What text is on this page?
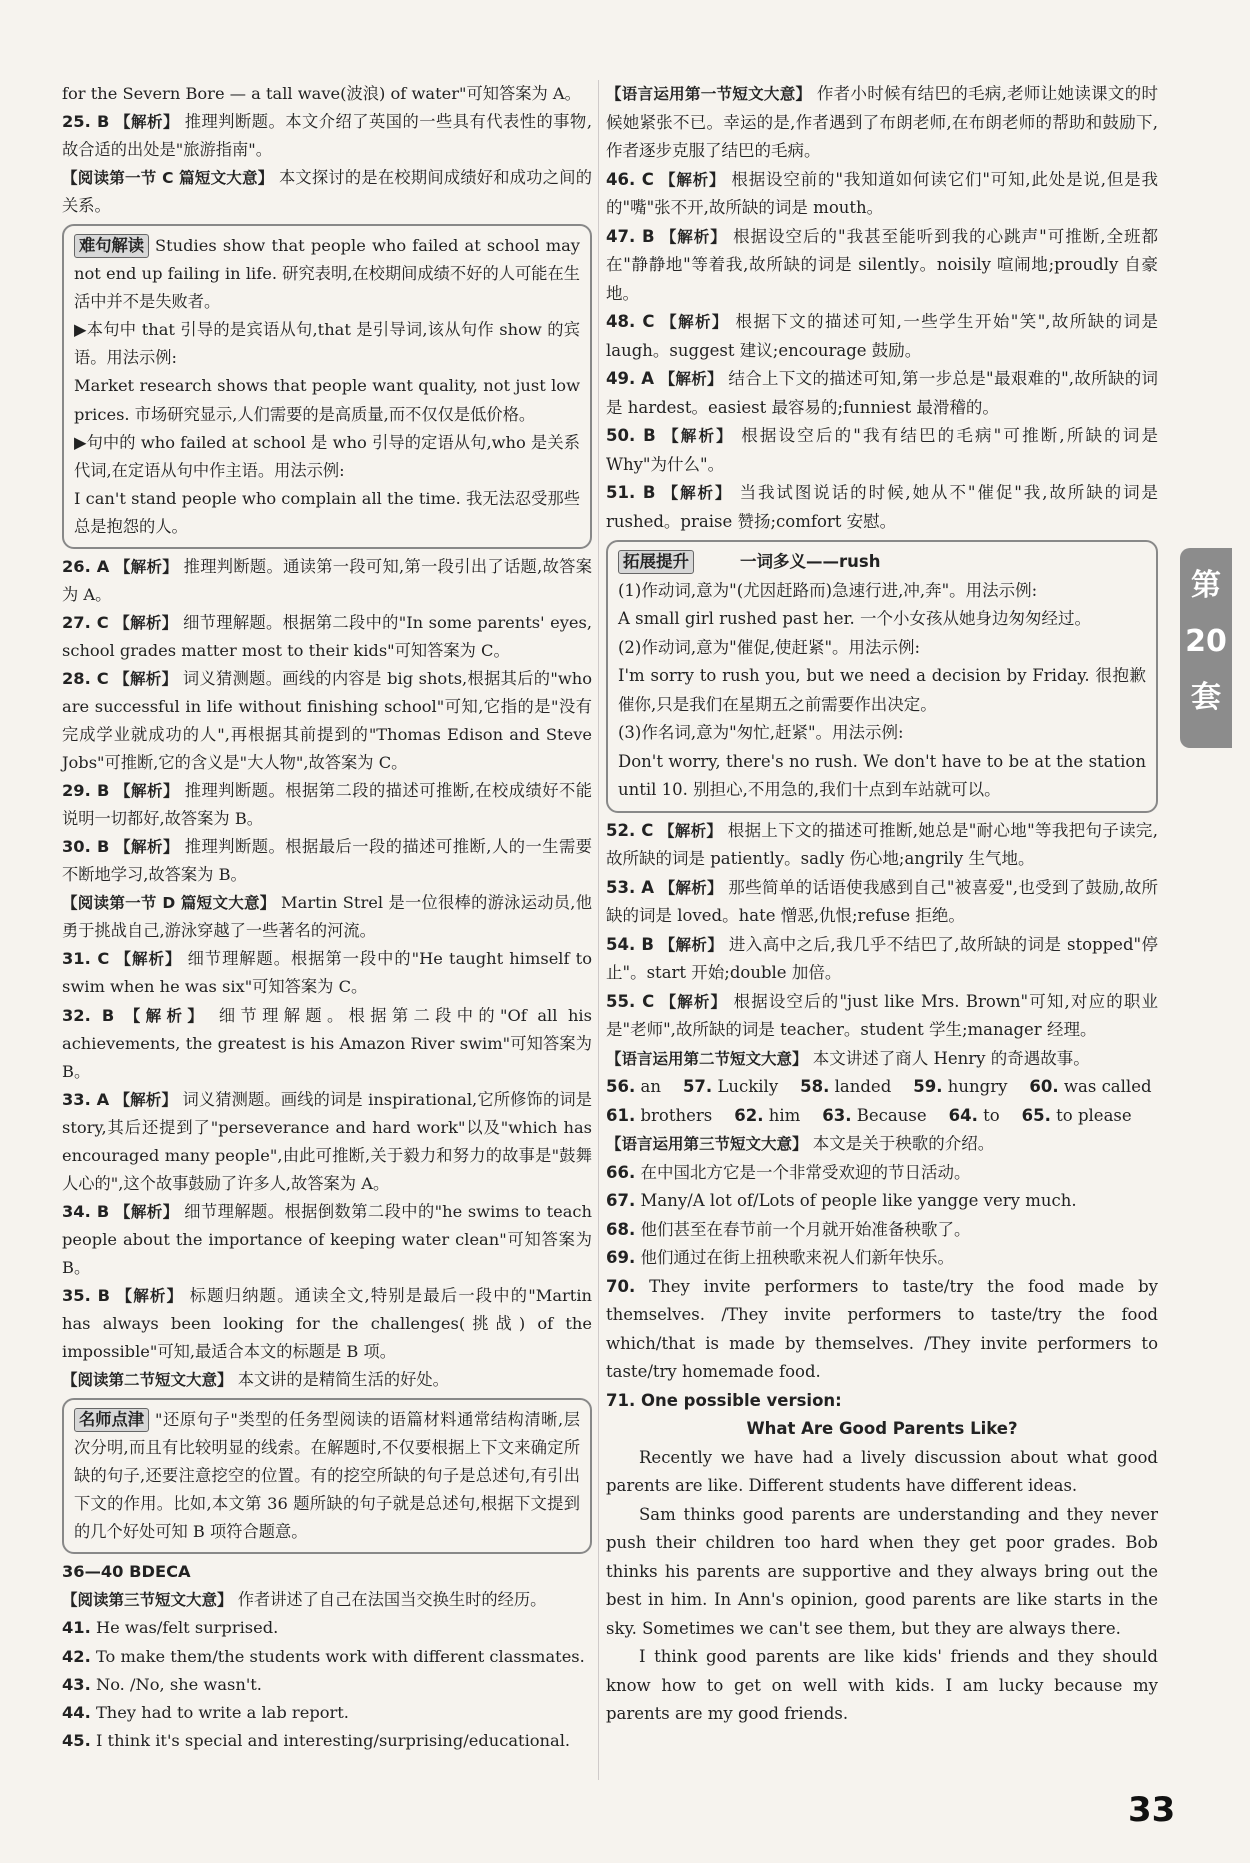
for the Severn Bore — a tall wave(波浪) of water"可知答案为 A。

25. B 【解析】 推理判断题。本文介绍了英国的一些具有代表性的事物,故合适的出处是"旅游指南"。

【阅读第一节 C 篇短文大意】 本文探讨的是在校期间成绩好和成功之间的关系。

难句解读 Studies show that people who failed at school may not end up failing in life. 研究表明,在校期间成绩不好的人可能在生活中并不是失败者。

▶本句中 that 引导的是宾语从句,that 是引导词,该从句作 show 的宾语。用法示例:

Market research shows that people want quality, not just low prices. 市场研究显示,人们需要的是高质量,而不仅仅是低价格。

▶句中的 who failed at school 是 who 引导的定语从句,who 是关系代词,在定语从句中作主语。用法示例:

I can't stand people who complain all the time. 我无法忍受那些总是抱怨的人。

26. A 【解析】 推理判断题。通读第一段可知,第一段引出了话题,故答案为 A。

27. C 【解析】 细节理解题。根据第二段中的"In some parents' eyes, school grades matter most to their kids"可知答案为 C。

28. C 【解析】 词义猜测题。画线的内容是 big shots,根据其后的"who are successful in life without finishing school"可知,它指的是"没有完成学业就成功的人",再根据其前提到的"Thomas Edison and Steve Jobs"可推断,它的含义是"大人物",故答案为 C。

29. B 【解析】 推理判断题。根据第二段的描述可推断,在校成绩好不能说明一切都好,故答案为 B。

30. B 【解析】 推理判断题。根据最后一段的描述可推断,人的一生需要不断地学习,故答案为 B。

【阅读第一节 D 篇短文大意】 Martin Strel 是一位很棒的游泳运动员,他勇于挑战自己,游泳穿越了一些著名的河流。

31. C 【解析】 细节理解题。根据第一段中的"He taught himself to swim when he was six"可知答案为 C。

32. B 【解析】 细节理解题。根据第二段中的"Of all his achievements, the greatest is his Amazon River swim"可知答案为 B。

33. A 【解析】 词义猜测题。画线的词是 inspirational,它所修饰的词是 story,其后还提到了"perseverance and hard work"以及"which has encouraged many people",由此可推断,关于毅力和努力的故事是"鼓舞人心的",这个故事鼓励了许多人,故答案为 A。

34. B 【解析】 细节理解题。根据倒数第二段中的"he swims to teach people about the importance of keeping water clean"可知答案为 B。

35. B 【解析】 标题归纳题。通读全文,特别是最后一段中的"Martin has always been looking for the challenges(挑战) of the impossible"可知,最适合本文的标题是 B 项。

【阅读第二节短文大意】 本文讲的是精简生活的好处。

名师点津 "还原句子"类型的任务型阅读的语篇材料通常结构清晰,层次分明,而且有比较明显的线索。在解题时,不仅要根据上下文来确定所缺的句子,还要注意挖空的位置。有的挖空所缺的句子是总述句,有引出下文的作用。比如,本文第 36 题所缺的句子就是总述句,根据下文提到的几个好处可知 B 项符合题意。

36—40 BDECA

【阅读第三节短文大意】 作者讲述了自己在法国当交换生时的经历。

41. He was/felt surprised.

42. To make them/the students work with different classmates.

43. No. /No, she wasn't.

44. They had to write a lab report.

45. I think it's special and interesting/surprising/educational.

【语言运用第一节短文大意】 作者小时候有结巴的毛病,老师让她读课文的时候她紧张不已。幸运的是,作者遇到了布朗老师,在布朗老师的帮助和鼓励下,作者逐步克服了结巴的毛病。

46. C 【解析】 根据设空前的"我知道如何读它们"可知,此处是说,但是我的"嘴"张不开,故所缺的词是 mouth。

47. B 【解析】 根据设空后的"我甚至能听到我的心跳声"可推断,全班都在"静静地"等着我,故所缺的词是 silently。noisily 喧闹地;proudly 自豪地。

48. C 【解析】 根据下文的描述可知,一些学生开始"笑",故所缺的词是 laugh。suggest 建议;encourage 鼓励。

49. A 【解析】 结合上下文的描述可知,第一步总是"最艰难的",故所缺的词是 hardest。easiest 最容易的;funniest 最滑稽的。

50. B 【解析】 根据设空后的"我有结巴的毛病"可推断,所缺的词是 Why"为什么"。

51. B 【解析】 当我试图说话的时候,她从不"催促"我,故所缺的词是 rushed。praise 赞扬;comfort 安慰。

拓展提升	一词多义——rush

(1)作动词,意为"(尤因赶路而)急速行进,冲,奔"。用法示例:

A small girl rushed past her. 一个小女孩从她身边匆匆经过。

(2)作动词,意为"催促,使赶紧"。用法示例:

I'm sorry to rush you, but we need a decision by Friday. 很抱歉催你,只是我们在星期五之前需要作出决定。

(3)作名词,意为"匆忙,赶紧"。用法示例:

Don't worry, there's no rush. We don't have to be at the station until 10. 别担心,不用急的,我们十点到车站就可以。

52. C 【解析】 根据上下文的描述可推断,她总是"耐心地"等我把句子读完,故所缺的词是 patiently。sadly 伤心地;angrily 生气地。

53. A 【解析】 那些简单的话语使我感到自己"被喜爱",也受到了鼓励,故所缺的词是 loved。hate 憎恶,仇恨;refuse 拒绝。

54. B 【解析】 进入高中之后,我几乎不结巴了,故所缺的词是 stopped"停止"。start 开始;double 加倍。

55. C 【解析】 根据设空后的"just like Mrs. Brown"可知,对应的职业是"老师",故所缺的词是 teacher。student 学生;manager 经理。

【语言运用第二节短文大意】 本文讲述了商人 Henry 的奇遇故事。

56. an 57. Luckily 58. landed 59. hungry 60. was called

61. brothers 62. him 63. Because 64. to 65. to please

【语言运用第三节短文大意】 本文是关于秧歌的介绍。

66. 在中国北方它是一个非常受欢迎的节日活动。

67. Many/A lot of/Lots of people like yangge very much.

68. 他们甚至在春节前一个月就开始准备秧歌了。

69. 他们通过在街上扭秧歌来祝人们新年快乐。

70. They invite performers to taste/try the food made by themselves. /They invite performers to taste/try the food which/that is made by themselves. /They invite performers to taste/try homemade food.

71. One possible version:

What Are Good Parents Like?

Recently we have had a lively discussion about what good parents are like. Different students have different ideas.

Sam thinks good parents are understanding and they never push their children too hard when they get poor grades. Bob thinks his parents are supportive and they always bring out the best in him. In Ann's opinion, good parents are like starts in the sky. Sometimes we can't see them, but they are always there.

I think good parents are like kids' friends and they should know how to get on well with kids. I am lucky because my parents are my good friends.

第
20
套
33
